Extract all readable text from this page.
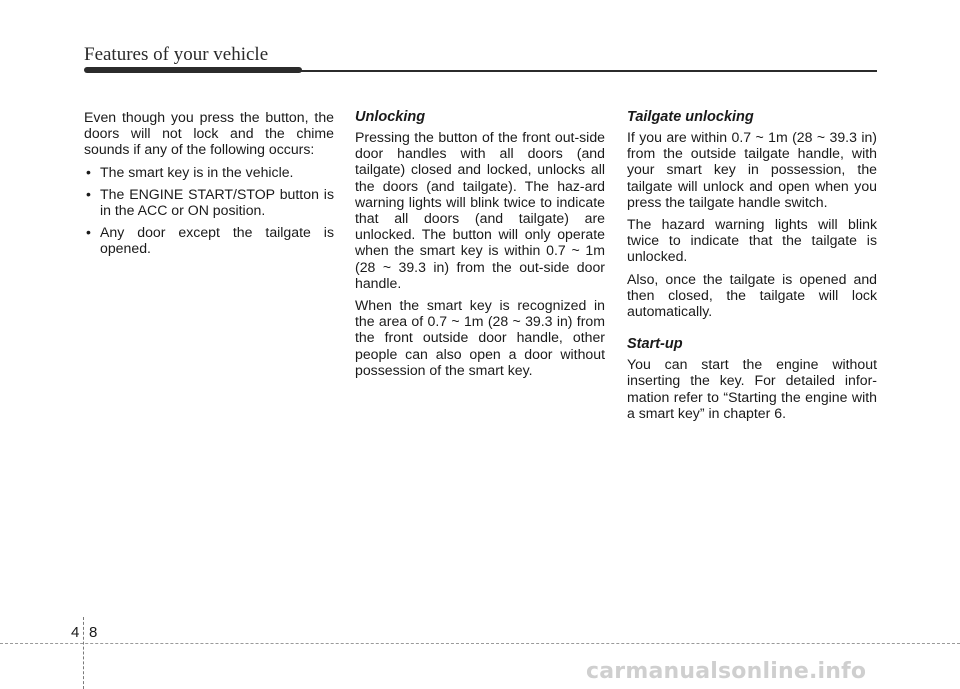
Features of your vehicle

Even though you press the button, the doors will not lock and the chime sounds if any of the following occurs:

• The smart key is in the vehicle.
• The ENGINE START/STOP button is in the ACC or ON position.
• Any door except the tailgate is opened.
Unlocking

Pressing the button of the front out-side door handles with all doors (and tailgate) closed and locked, unlocks all the doors (and tailgate). The haz-ard warning lights will blink twice to indicate that all doors (and tailgate) are unlocked. The button will only operate when the smart key is within 0.7 ~ 1m (28 ~ 39.3 in) from the out-side door handle.

When the smart key is recognized in the area of 0.7 ~ 1m (28 ~ 39.3 in) from the front outside door handle, other people can also open a door without possession of the smart key.

Tailgate unlocking

If you are within 0.7 ~ 1m (28 ~ 39.3 in) from the outside tailgate handle, with your smart key in possession, the tailgate will unlock and open when you press the tailgate handle switch.

The hazard warning lights will blink twice to indicate that the tailgate is unlocked.

Also, once the tailgate is opened and then closed, the tailgate will lock automatically.

Start-up

You can start the engine without inserting the key. For detailed infor-mation refer to “Starting the engine with a smart key” in chapter 6.

4 8
carmanualsonline.info
